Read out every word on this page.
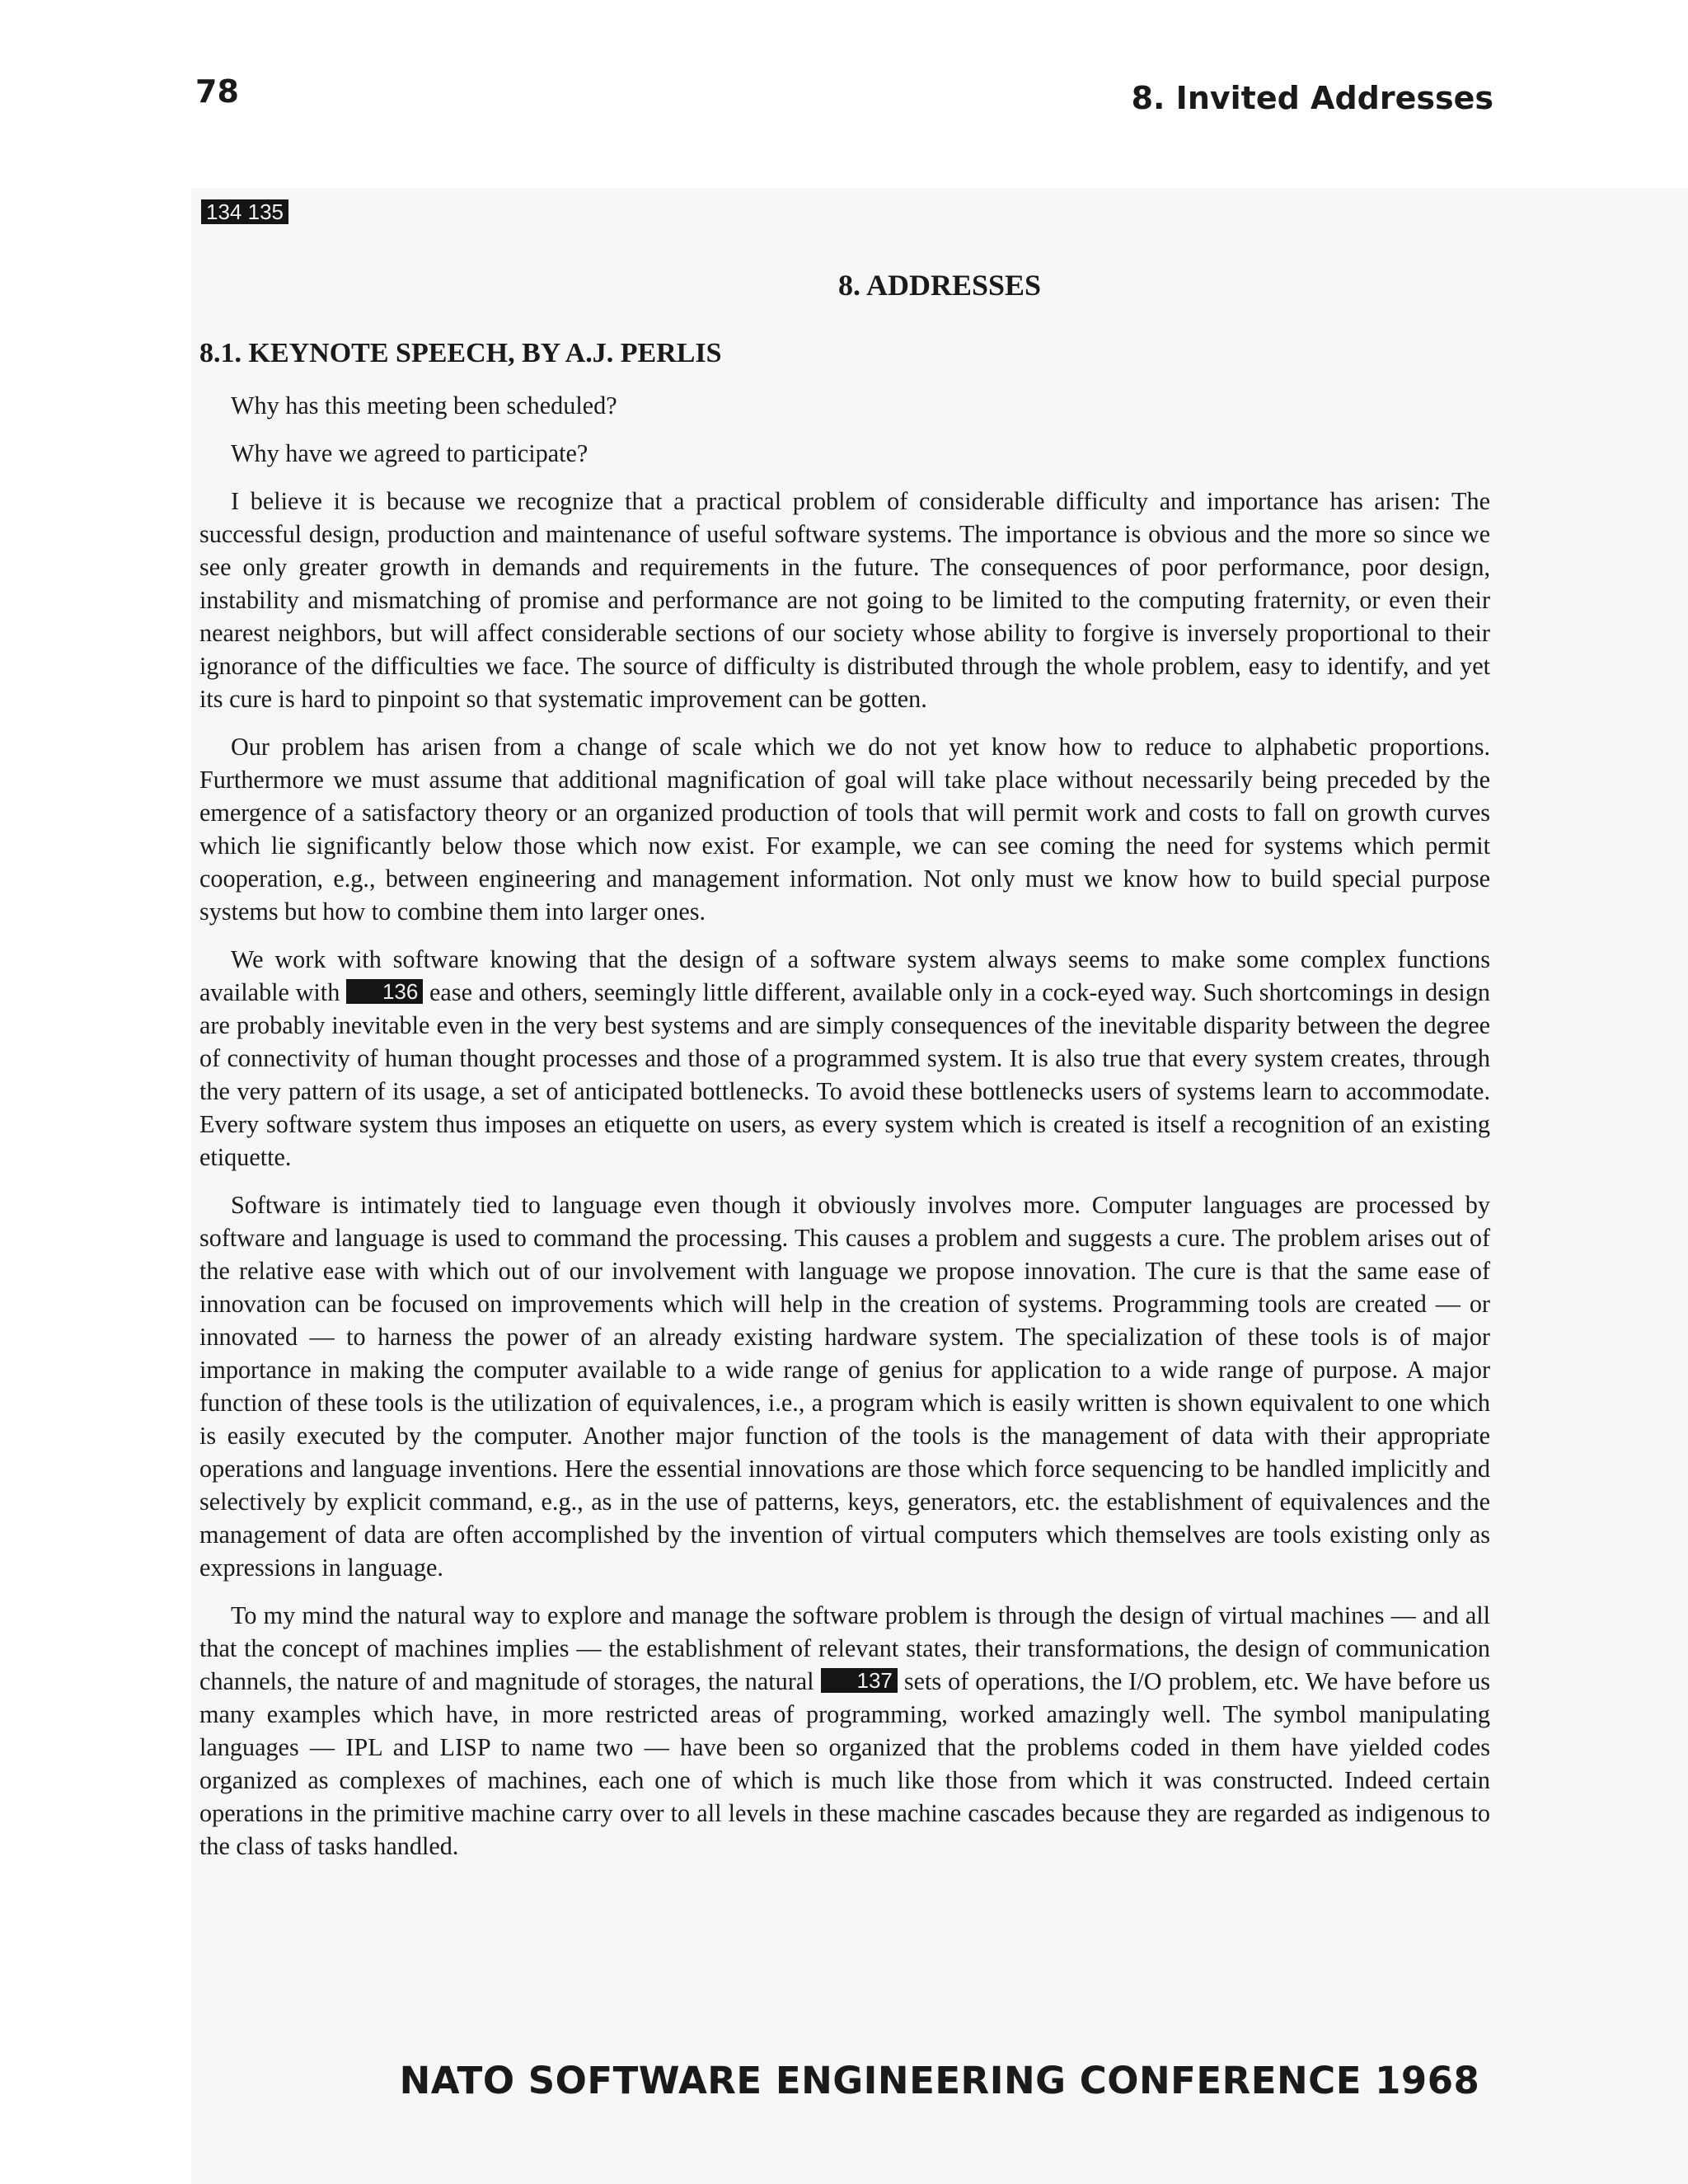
78	8. Invited Addresses
134 135
8. ADDRESSES
8.1. KEYNOTE SPEECH, BY A.J. PERLIS

Why has this meeting been scheduled?

Why have we agreed to participate?

I believe it is because we recognize that a practical problem of considerable difficulty and importance has arisen: The successful design, production and maintenance of useful software systems. The importance is obvious and the more so since we see only greater growth in demands and requirements in the future. The consequences of poor performance, poor design, instability and mismatching of promise and performance are not going to be limited to the computing fraternity, or even their nearest neighbors, but will affect considerable sections of our society whose ability to forgive is inversely proportional to their ignorance of the difficulties we face. The source of difficulty is distributed through the whole problem, easy to identify, and yet its cure is hard to pinpoint so that systematic improvement can be gotten.

Our problem has arisen from a change of scale which we do not yet know how to reduce to alphabetic proportions. Furthermore we must assume that additional magnification of goal will take place without necessarily being preceded by the emergence of a satisfactory theory or an organized production of tools that will permit work and costs to fall on growth curves which lie significantly below those which now exist. For example, we can see coming the need for systems which permit cooperation, e.g., between engineering and management information. Not only must we know how to build special purpose systems but how to combine them into larger ones.

We work with software knowing that the design of a software system always seems to make some complex functions available with 136 ease and others, seemingly little different, available only in a cock-eyed way. Such shortcomings in design are probably inevitable even in the very best systems and are simply consequences of the inevitable disparity between the degree of connectivity of human thought processes and those of a programmed system. It is also true that every system creates, through the very pattern of its usage, a set of anticipated bottlenecks. To avoid these bottlenecks users of systems learn to accommodate. Every software system thus imposes an etiquette on users, as every system which is created is itself a recognition of an existing etiquette.

Software is intimately tied to language even though it obviously involves more. Computer languages are processed by software and language is used to command the processing. This causes a problem and suggests a cure. The problem arises out of the relative ease with which out of our involvement with language we propose innovation. The cure is that the same ease of innovation can be focused on improvements which will help in the creation of systems. Programming tools are created — or innovated — to harness the power of an already existing hardware system. The specialization of these tools is of major importance in making the computer available to a wide range of genius for application to a wide range of purpose. A major function of these tools is the utilization of equivalences, i.e., a program which is easily written is shown equivalent to one which is easily executed by the computer. Another major function of the tools is the management of data with their appropriate operations and language inventions. Here the essential innovations are those which force sequencing to be handled implicitly and selectively by explicit command, e.g., as in the use of patterns, keys, generators, etc. the establishment of equivalences and the management of data are often accomplished by the invention of virtual computers which themselves are tools existing only as expressions in language.

To my mind the natural way to explore and manage the software problem is through the design of virtual machines — and all that the concept of machines implies — the establishment of relevant states, their transformations, the design of communication channels, the nature of and magnitude of storages, the natural 137 sets of operations, the I/O problem, etc. We have before us many examples which have, in more restricted areas of programming, worked amazingly well. The symbol manipulating languages — IPL and LISP to name two — have been so organized that the problems coded in them have yielded codes organized as complexes of machines, each one of which is much like those from which it was constructed. Indeed certain operations in the primitive machine carry over to all levels in these machine cascades because they are regarded as indigenous to the class of tasks handled.

NATO SOFTWARE ENGINEERING CONFERENCE 1968
